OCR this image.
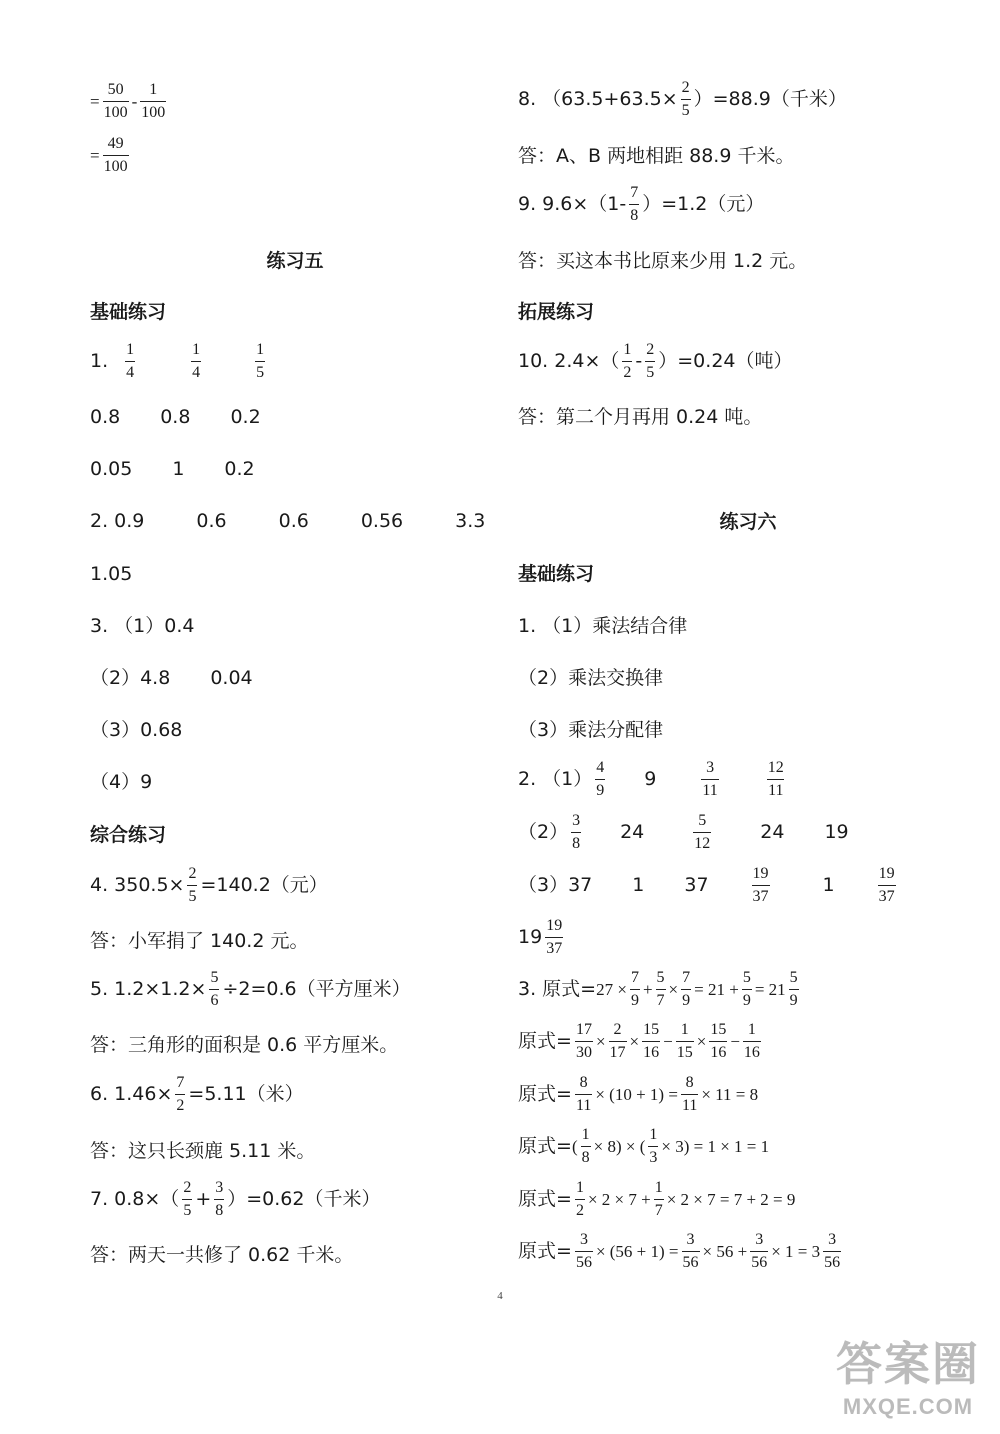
= $\frac{50}{100} - \frac{1}{100}$
= $\frac{49}{100}$
练习五
基础练习
1. $\frac{1}{4}$	$\frac{1}{4}$	$\frac{1}{5}$
0.8 0.8 0.2
0.05 1 0.2
2. 0.9	0.6	0.6	0.56	3.3
1.05
3. （1）0.4
（2）4.8 0.04
（3）0.68
（4）9
综合练习
4. $350.5\times \frac{2}{5} =140.2$（元）
答：小军捐了 140.2 元。
5. $1.2\times 1.2\times \frac{5}{6} \div 2=0.6$（平方厘米）
答：三角形的面积是 0.6 平方厘米。
6. $1.46\times \frac{7}{2} =5.11$（米）
答：这只长颈鹿 5.11 米。
7. $0.8\times( \frac{2}{5} + \frac{3}{8} )=0.62$（千米）
答：两天一共修了 0.62 千米。
8. $(63.5+63.5\times \frac{2}{5} )=88.9$（千米）
答：A、B 两地相距 88.9 千米。
9. $9.6\times(1- \frac{7}{8} )=1.2$（元）
答：买这本书比原来少用 1.2 元。
拓展练习
10. $2.4\times( \frac{1}{2} - \frac{2}{5} )=0.24$（吨）
答：第二个月再用 0.24 吨。
练习六
基础练习
1. （1）乘法结合律
（2）乘法交换律
（3）乘法分配律
2. $(1) \frac{4}{9} 9$	$\frac{3}{11}$	$\frac{12}{11}$
$(2) \frac{3}{8} 24$	$\frac{5}{12}$	24 19
（3）37 1 37	$\frac{19}{37}$	1	$\frac{19}{37}$
$19 \frac{19}{37}$
3. 原式 = $27 \times \frac{7}{9} + \frac{5}{7} \times \frac{7}{9} = 21 + \frac{5}{9} = 21 \frac{5}{9}$
原式 = $\frac{17}{30} \times \frac{2}{17} \times \frac{15}{16} - \frac{1}{15} \times \frac{15}{16} - \frac{1}{16}$
原式 = $\frac{8}{11} \times (10 + 1) = \frac{8}{11} \times 11 = 8$
原式 = ( $\frac{1}{8} \times 8$) × ( $\frac{1}{3} \times 3) = 1 \times 1 = 1$
原式 = $\frac{1}{2} \times 2 \times 7 + \frac{1}{7} \times 2 \times 7 = 7 + 2 = 9$
原式 = $\frac{3}{56} \times (56 + 1) = \frac{3}{56} \times 56 + \frac{3}{56} \times 1 = 3 \frac{3}{56}$
4
答案圈
MXQE.COM
